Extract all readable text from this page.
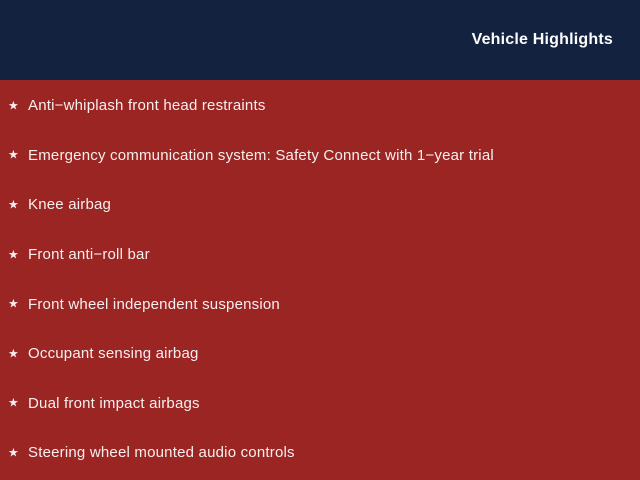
Vehicle Highlights
★ Anti−whiplash front head restraints
★ Emergency communication system: Safety Connect with 1−year trial
★ Knee airbag
★ Front anti−roll bar
★ Front wheel independent suspension
★ Occupant sensing airbag
★ Dual front impact airbags
★ Steering wheel mounted audio controls
